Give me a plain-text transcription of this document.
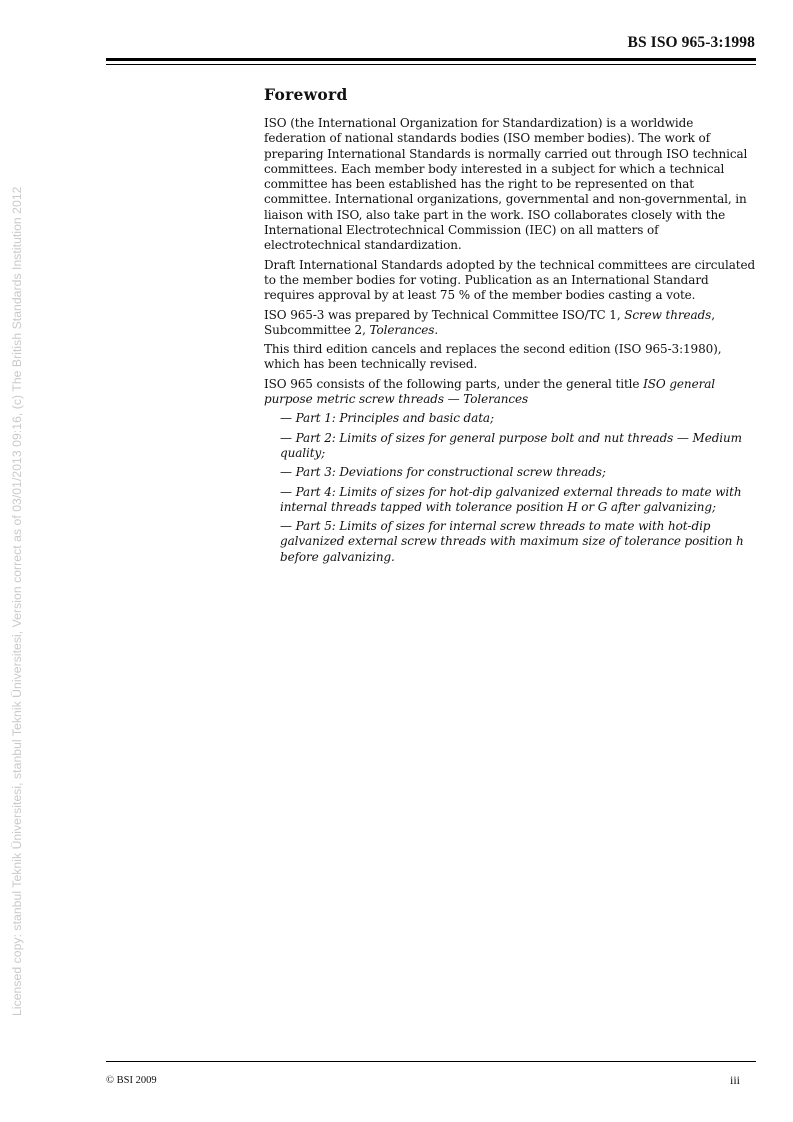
BS ISO 965-3:1998
Licensed copy: stanbul Teknik Üniversitesi, stanbul Teknik Üniversitesi, Version correct as of 03/01/2013 09:16, (c) The British Standards Institution 2012
Foreword

ISO (the International Organization for Standardization) is a worldwide federation of national standards bodies (ISO member bodies). The work of preparing International Standards is normally carried out through ISO technical committees. Each member body interested in a subject for which a technical committee has been established has the right to be represented on that committee. International organizations, governmental and non-governmental, in liaison with ISO, also take part in the work. ISO collaborates closely with the International Electrotechnical Commission (IEC) on all matters of electrotechnical standardization.

Draft International Standards adopted by the technical committees are circulated to the member bodies for voting. Publication as an International Standard requires approval by at least 75 % of the member bodies casting a vote.

ISO 965-3 was prepared by Technical Committee ISO/TC 1, Screw threads, Subcommittee 2, Tolerances.

This third edition cancels and replaces the second edition (ISO 965-3:1980), which has been technically revised.

ISO 965 consists of the following parts, under the general title ISO general purpose metric screw threads — Tolerances

— Part 1: Principles and basic data;
— Part 2: Limits of sizes for general purpose bolt and nut threads — Medium quality;
— Part 3: Deviations for constructional screw threads;
— Part 4: Limits of sizes for hot-dip galvanized external threads to mate with internal threads tapped with tolerance position H or G after galvanizing;
— Part 5: Limits of sizes for internal screw threads to mate with hot-dip galvanized external screw threads with maximum size of tolerance position h before galvanizing.
© BSI 2009	iii
